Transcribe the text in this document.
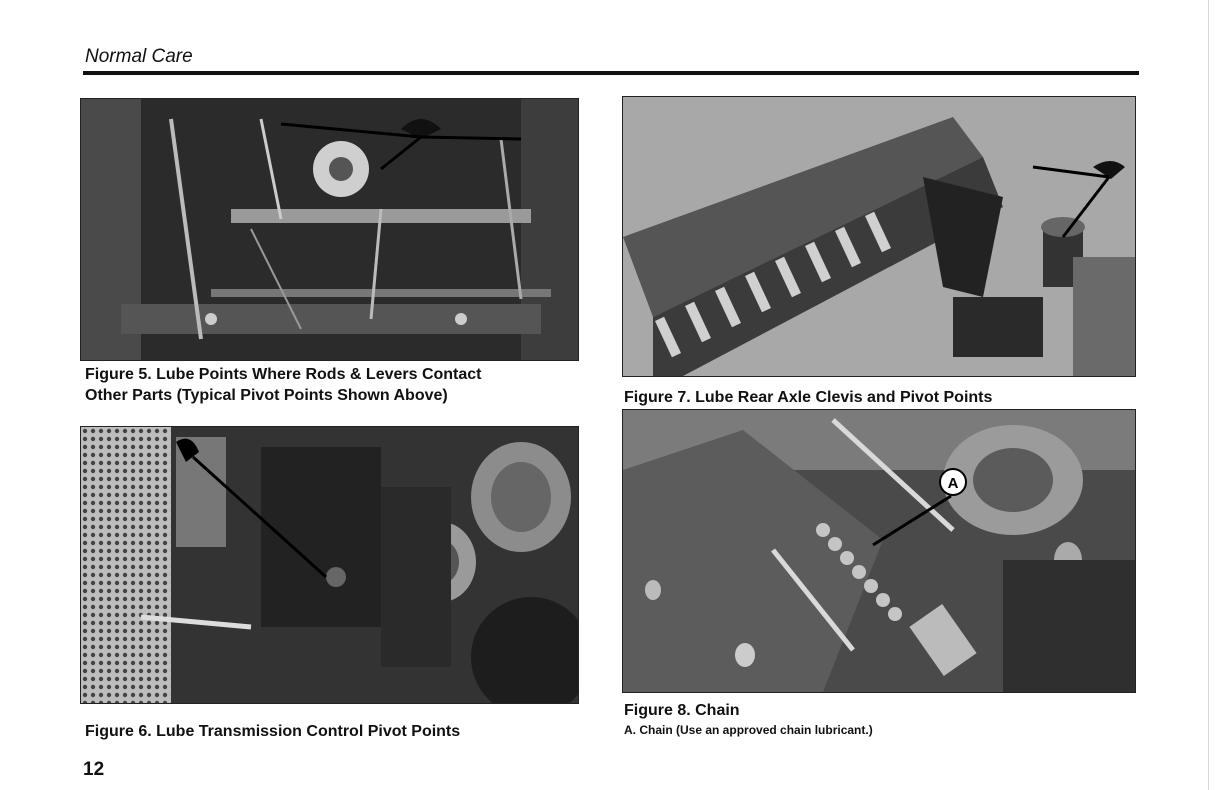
Normal Care
Figure 5. Lube Points Where Rods & Levers Contact
Other Parts (Typical Pivot Points Shown Above)
Figure 6. Lube Transmission Control Pivot Points
Figure 7. Lube Rear Axle Clevis and Pivot Points
A
Figure 8. Chain
A. Chain (Use an approved chain lubricant.)
12
